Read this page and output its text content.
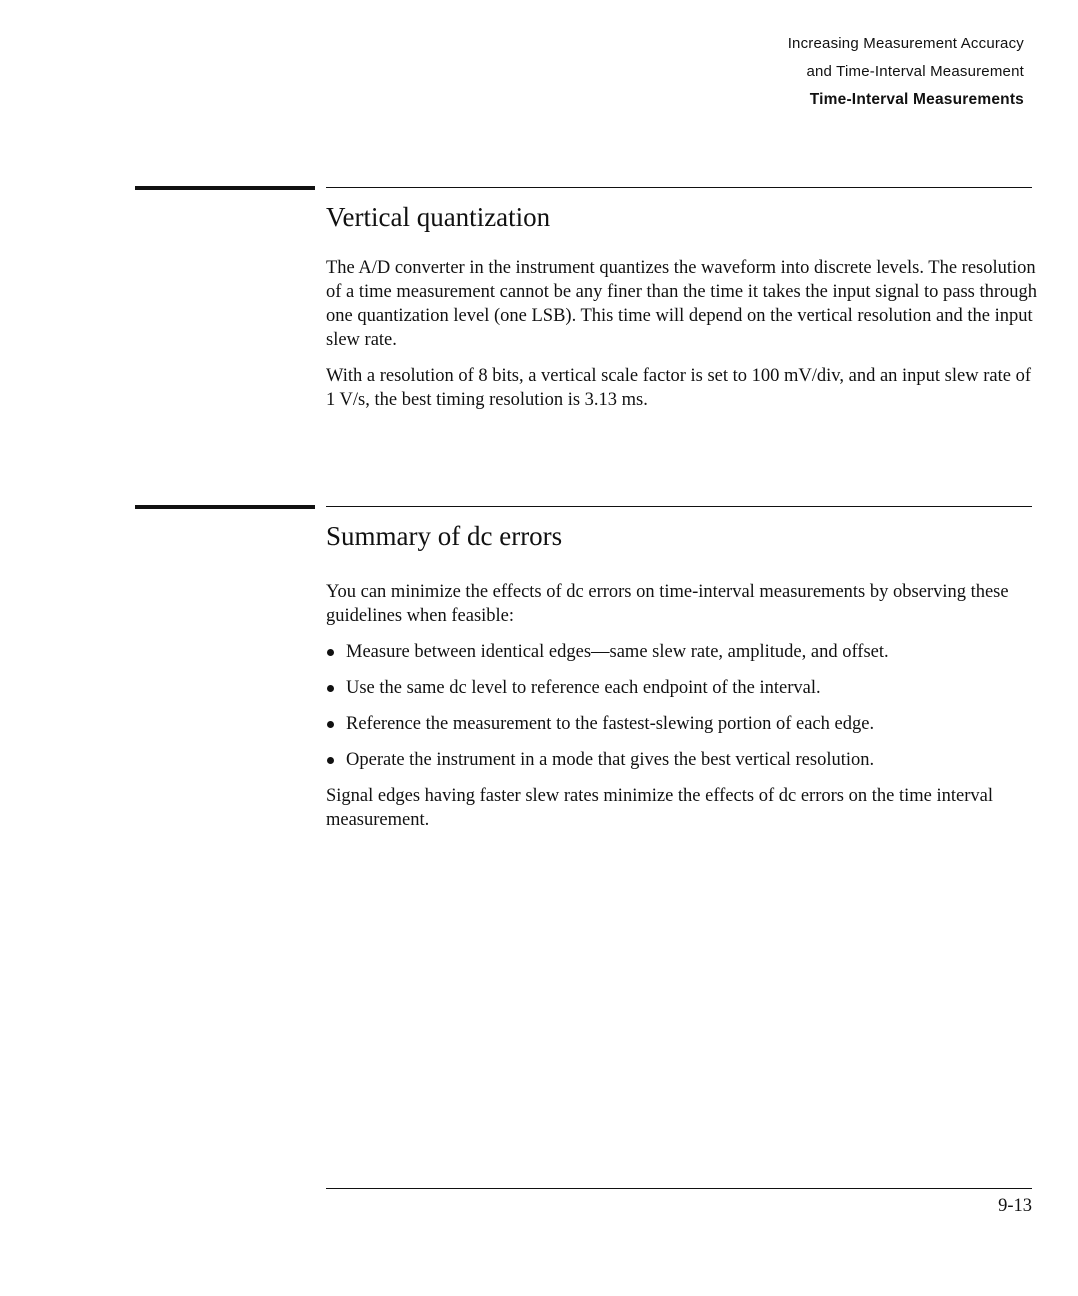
Increasing Measurement Accuracy
and Time-Interval Measurement
Time-Interval Measurements
Vertical quantization

The A/D converter in the instrument quantizes the waveform into discrete levels. The resolution of a time measurement cannot be any finer than the time it takes the input signal to pass through one quantization level (one LSB). This time will depend on the vertical resolution and the input slew rate.

With a resolution of 8 bits, a vertical scale factor is set to 100 mV/div, and an input slew rate of 1 V/s, the best timing resolution is 3.13 ms.

Summary of dc errors

You can minimize the effects of dc errors on time-interval measurements by observing these guidelines when feasible:

Measure between identical edges—same slew rate, amplitude, and offset.
Use the same dc level to reference each endpoint of the interval.
Reference the measurement to the fastest-slewing portion of each edge.
Operate the instrument in a mode that gives the best vertical resolution.

Signal edges having faster slew rates minimize the effects of dc errors on the time interval measurement.

9-13
